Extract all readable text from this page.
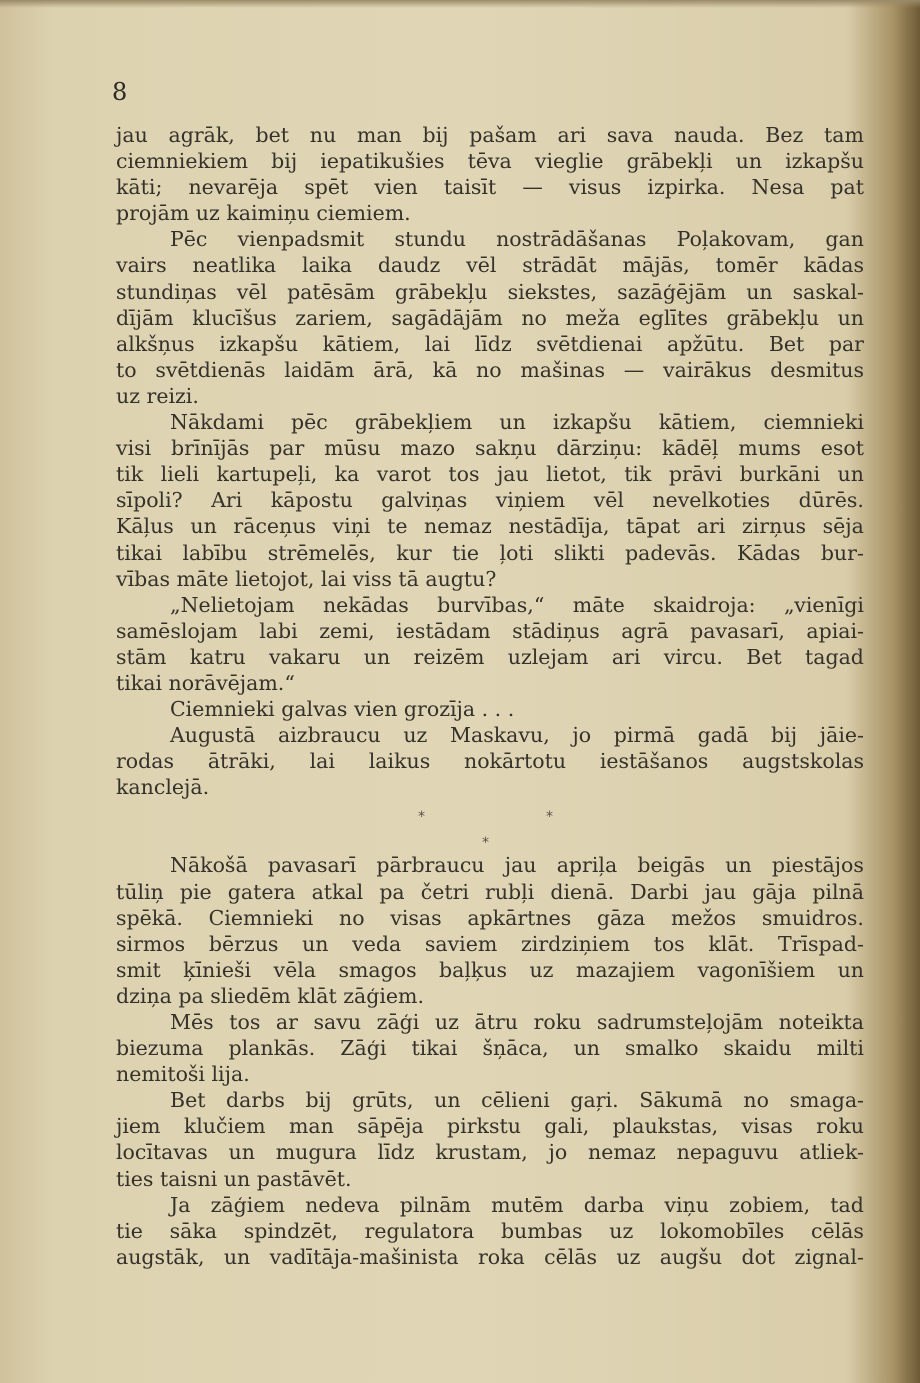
8
jau agrāk, bet nu man bij pašam ari sava nauda. Bez tam
ciemniekiem bij iepatikušies tēva vieglie grābekļi un izkapšu
kāti; nevarēja spēt vien taisīt — visus izpirka. Nesa pat
projām uz kaimiņu ciemiem.
Pēc vienpadsmit stundu nostrādāšanas Poļakovam, gan
vairs neatlika laika daudz vēl strādāt mājās, tomēr kādas
stundiņas vēl patēsām grābekļu siekstes, sazāģējām un saskal-
dījām klucīšus zariem, sagādājām no meža eglītes grābekļu un
alkšņus izkapšu kātiem, lai līdz svētdienai apžūtu. Bet par
to svētdienās laidām ārā, kā no mašinas — vairākus desmitus
uz reizi.
Nākdami pēc grābekļiem un izkapšu kātiem, ciemnieki
visi brīnījās par mūsu mazo sakņu dārziņu: kādēļ mums esot
tik lieli kartupeļi, ka varot tos jau lietot, tik prāvi burkāni un
sīpoli? Ari kāpostu galviņas viņiem vēl nevelkoties dūrēs.
Kāļus un rāceņus viņi te nemaz nestādīja, tāpat ari zirņus sēja
tikai labību strēmelēs, kur tie ļoti slikti padevās. Kādas bur-
vības māte lietojot, lai viss tā augtu?
„Nelietojam nekādas burvības,“ māte skaidroja: „vienīgi
samēslojam labi zemi, iestādam stādiņus agrā pavasarī, apiai-
stām katru vakaru un reizēm uzlejam ari vircu. Bet tagad
tikai norāvējam.“
Ciemnieki galvas vien grozīja . . .
Augustā aizbraucu uz Maskavu, jo pirmā gadā bij jāie-
rodas ātrāki, lai laikus nokārtotu iestāšanos augstskolas
kanclejā.
*	*
*
Nākošā pavasarī pārbraucu jau apriļa beigās un piestājos
tūliņ pie gatera atkal pa četri rubļi dienā. Darbi jau gāja pilnā
spēkā. Ciemnieki no visas apkārtnes gāza mežos smuidros.
sirmos bērzus un veda saviem zirdziņiem tos klāt. Trīspad-
smit ķīnieši vēla smagos baļķus uz mazajiem vagonīšiem un
dziņa pa sliedēm klāt zāģiem.
Mēs tos ar savu zāģi uz ātru roku sadrumsteļojām noteikta
biezuma plankās. Zāģi tikai šņāca, un smalko skaidu milti
nemitoši lija.
Bet darbs bij grūts, un cēlieni gaŗi. Sākumā no smaga-
jiem klučiem man sāpēja pirkstu gali, plaukstas, visas roku
locītavas un mugura līdz krustam, jo nemaz nepaguvu atliek-
ties taisni un pastāvēt.
Ja zāģiem nedeva pilnām mutēm darba viņu zobiem, tad
tie sāka spindzēt, regulatora bumbas uz lokomobīles cēlās
augstāk, un vadītāja-mašinista roka cēlās uz augšu dot zignal-
